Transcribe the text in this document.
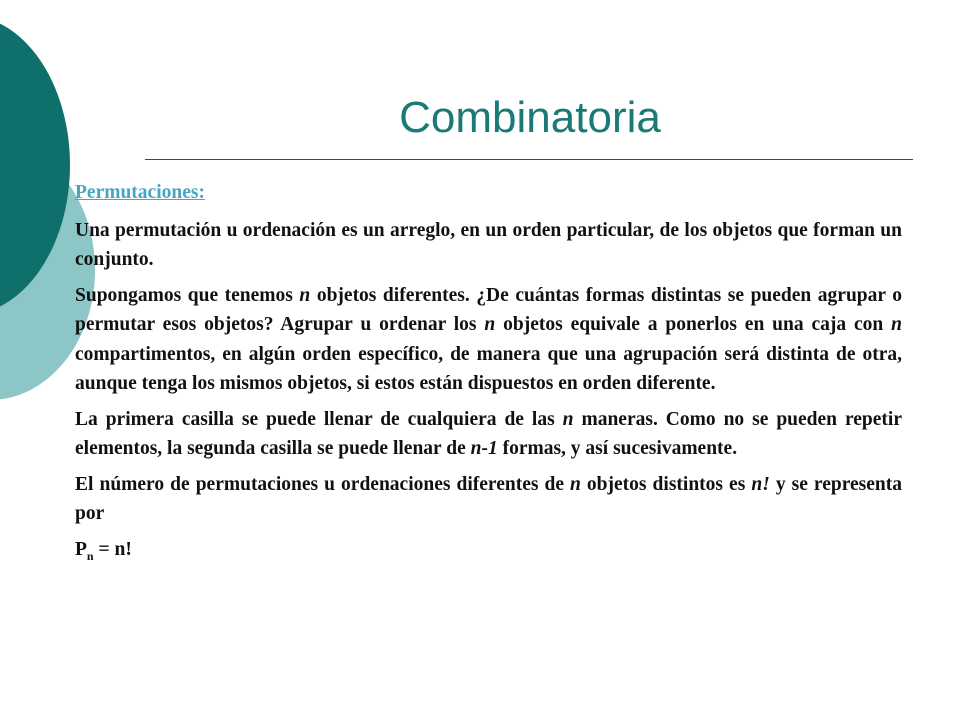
Combinatoria

Permutaciones:

Una permutación u ordenación es un arreglo, en un orden particular, de los objetos que forman un conjunto.

Supongamos que tenemos n objetos diferentes. ¿De cuántas formas distintas se pueden agrupar o permutar esos objetos? Agrupar u ordenar los n objetos equivale a ponerlos en una caja con n compartimentos, en algún orden específico, de manera que una agrupación será distinta de otra, aunque tenga los mismos objetos, si estos están dispuestos en orden diferente.

La primera casilla se puede llenar de cualquiera de las n maneras. Como no se pueden repetir elementos, la segunda casilla se puede llenar de n-1 formas, y así sucesivamente.

El número de permutaciones u ordenaciones diferentes de n objetos distintos es n! y se representa por

$P_n = n$!
